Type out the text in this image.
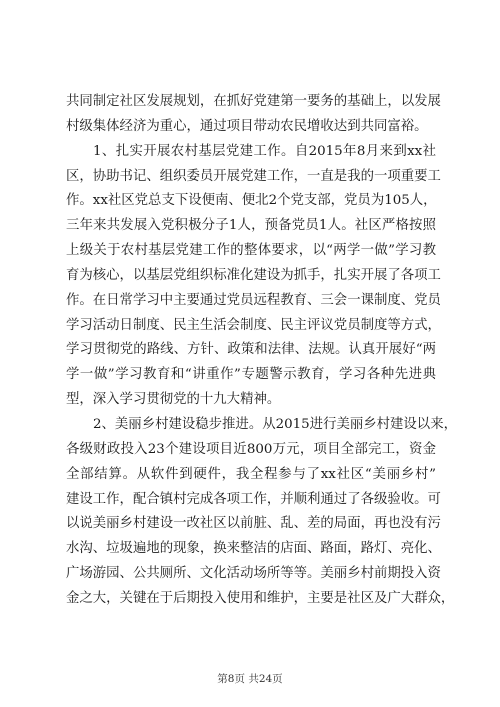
共同制定社区发展规划，在抓好党建第一要务的基础上，以发展
村级集体经济为重心，通过项目带动农民增收达到共同富裕。
1、扎实开展农村基层党建工作。自2015年8月来到xx社
区，协助书记、组织委员开展党建工作，一直是我的一项重要工
作。xx社区党总支下设便南、便北2个党支部，党员为105人，
三年来共发展入党积极分子1人，预备党员1人。社区严格按照
上级关于农村基层党建工作的整体要求，以“两学一做”学习教
育为核心，以基层党组织标准化建设为抓手，扎实开展了各项工
作。在日常学习中主要通过党员远程教育、三会一课制度、党员
学习活动日制度、民主生活会制度、民主评议党员制度等方式，
学习贯彻党的路线、方针、政策和法律、法规。认真开展好“两
学一做”学习教育和“讲重作”专题警示教育，学习各种先进典
型，深入学习贯彻党的十九大精神。
2、美丽乡村建设稳步推进。从2015进行美丽乡村建设以来，
各级财政投入23个建设项目近800万元，项目全部完工，资金
全部结算。从软件到硬件，我全程参与了xx社区“美丽乡村”
建设工作，配合镇村完成各项工作，并顺利通过了各级验收。可
以说美丽乡村建设一改社区以前脏、乱、差的局面，再也没有污
水沟、垃圾遍地的现象，换来整洁的店面、路面，路灯、亮化、
广场游园、公共厕所、文化活动场所等等。美丽乡村前期投入资
金之大，关键在于后期投入使用和维护，主要是社区及广大群众，
第8页 共24页
